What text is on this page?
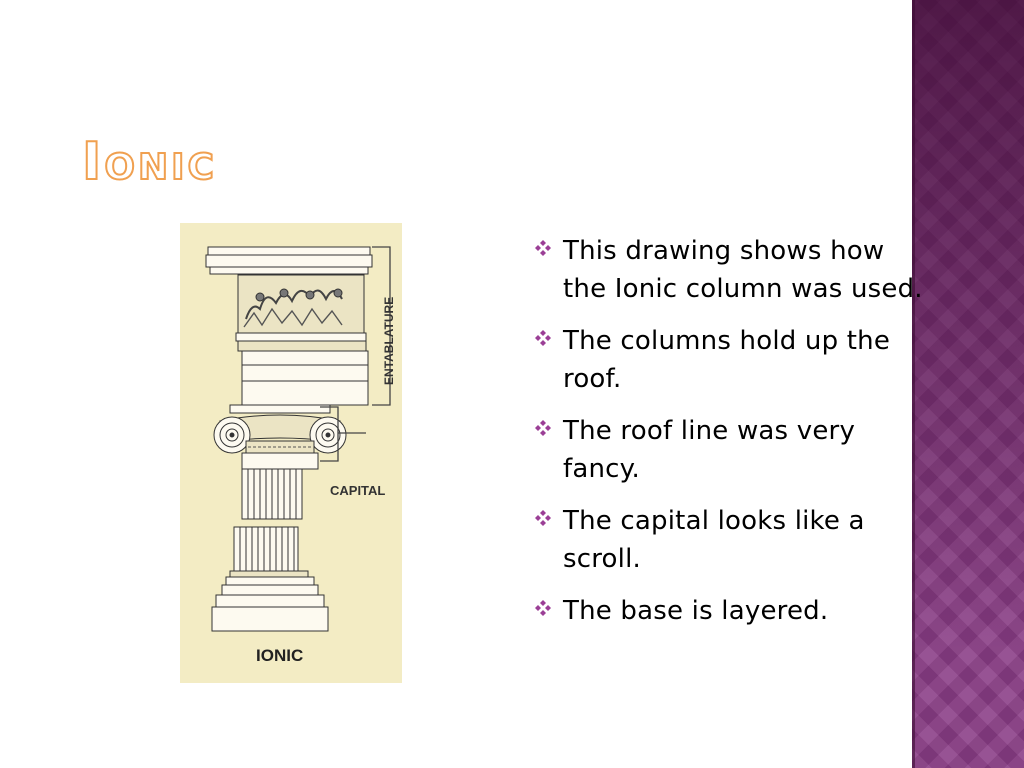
Ionic
ENTABLATURE
CAPITAL
IONIC
This drawing shows how the Ionic column was used.
The columns hold up the roof.
The roof line was very fancy.
The capital looks like a scroll.
The base is layered.
